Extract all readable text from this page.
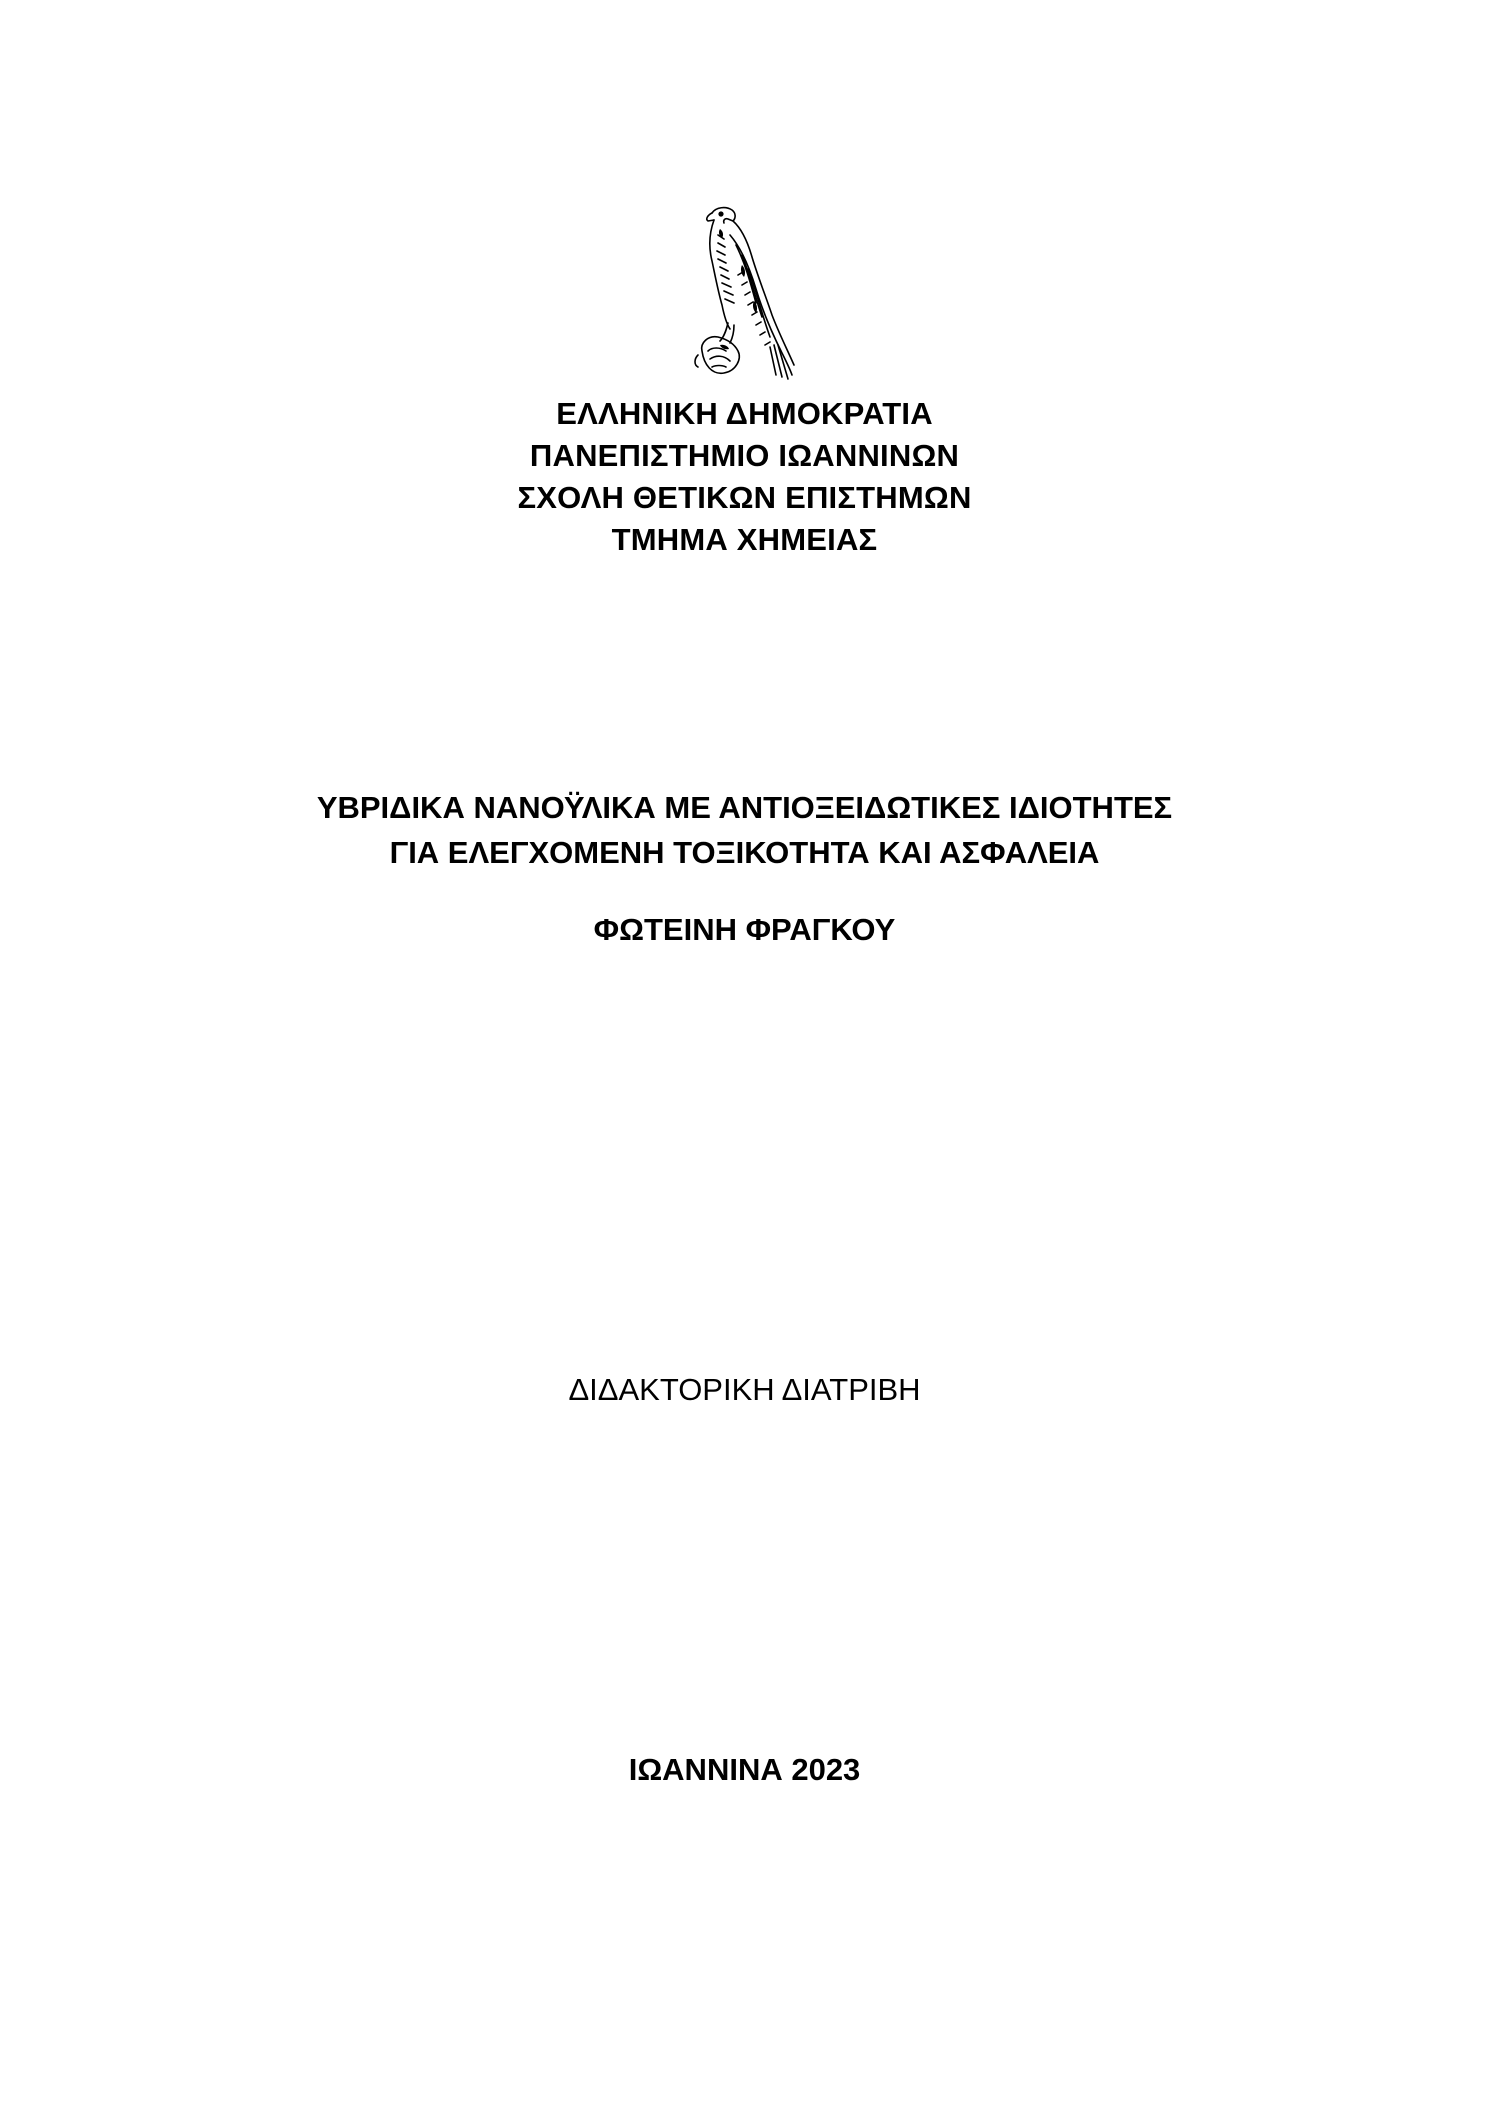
ΕΛΛΗΝΙΚΗ ΔΗΜΟΚΡΑΤΙΑ
ΠΑΝΕΠΙΣΤΗΜΙΟ ΙΩΑΝΝΙΝΩΝ
ΣΧΟΛΗ ΘΕΤΙΚΩΝ ΕΠΙΣΤΗΜΩΝ
ΤΜΗΜΑ ΧΗΜΕΙΑΣ
ΥΒΡΙΔΙΚΑ ΝΑΝΟΫΛΙΚΑ ΜΕ ΑΝΤΙΟΞΕΙΔΩΤΙΚΕΣ ΙΔΙΟΤΗΤΕΣ
ΓΙΑ ΕΛΕΓΧΟΜΕΝΗ ΤΟΞΙΚΟΤΗΤΑ ΚΑΙ ΑΣΦΑΛΕΙΑ
ΦΩΤΕΙΝΗ ΦΡΑΓΚΟΥ
ΔΙΔΑΚΤΟΡΙΚΗ ΔΙΑΤΡΙΒΗ
ΙΩΑΝΝΙΝΑ 2023
